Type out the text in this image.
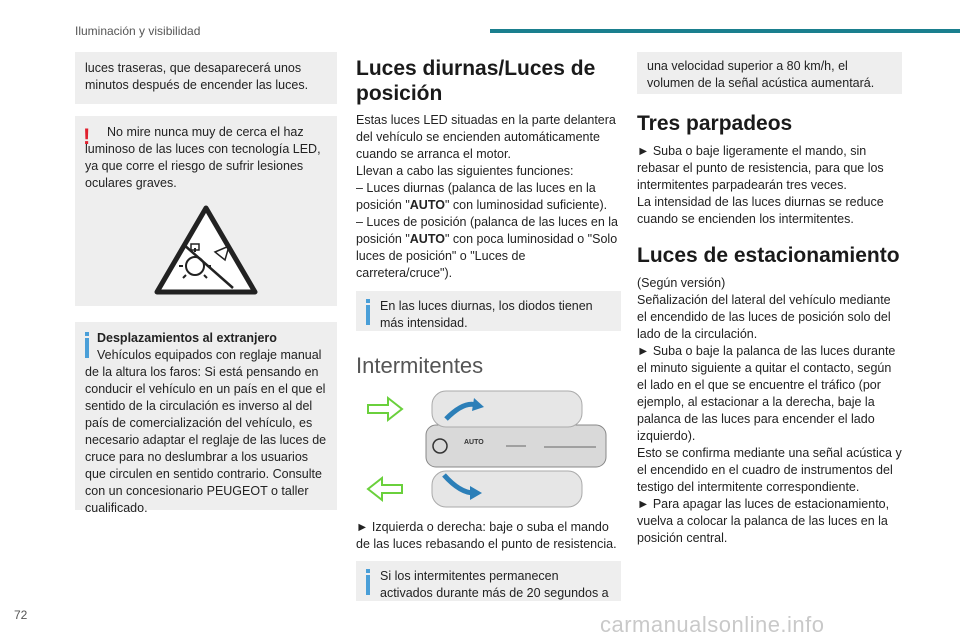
Iluminación y visibilidad

luces traseras, que desaparecerá unos minutos después de encender las luces.

!	No mire nunca muy de cerca el haz luminoso de las luces con tecnología LED, ya que corre el riesgo de sufrir lesiones oculares graves.

Desplazamientos al extranjero

Vehículos equipados con reglaje manual de la altura los faros: Si está pensando en conducir el vehículo en un país en el que el sentido de la circulación es inverso al del país de comercialización del vehículo, es necesario adaptar el reglaje de las luces de cruce para no deslumbrar a los usuarios que circulen en sentido contrario. Consulte con un concesionario PEUGEOT o taller cualificado.

Luces diurnas/Luces de posición

Estas luces LED situadas en la parte delantera del vehículo se encienden automáticamente cuando se arranca el motor.

Llevan a cabo las siguientes funciones:

– Luces diurnas (palanca de las luces en la posición "AUTO" con luminosidad suficiente).

– Luces de posición (palanca de las luces en la posición "AUTO" con poca luminosidad o "Solo luces de posición" o "Luces de carretera/cruce").

En las luces diurnas, los diodos tienen más intensidad.

Intermitentes
AUTO

► Izquierda o derecha: baje o suba el mando de las luces rebasando el punto de resistencia.

Si los intermitentes permanecen activados durante más de 20 segundos a

una velocidad superior a 80 km/h, el volumen de la señal acústica aumentará.

Tres parpadeos

► Suba o baje ligeramente el mando, sin rebasar el punto de resistencia, para que los intermitentes parpadearán tres veces.

La intensidad de las luces diurnas se reduce cuando se encienden los intermitentes.

Luces de estacionamiento

(Según versión)

Señalización del lateral del vehículo mediante el encendido de las luces de posición solo del lado de la circulación.

► Suba o baje la palanca de las luces durante el minuto siguiente a quitar el contacto, según el lado en el que se encuentre el tráfico (por ejemplo, al estacionar a la derecha, baje la palanca de las luces para encender el lado izquierdo).

Esto se confirma mediante una señal acústica y el encendido en el cuadro de instrumentos del testigo del intermitente correspondiente.

► Para apagar las luces de estacionamiento, vuelva a colocar la palanca de las luces en la posición central.

72	carmanualsonline.info
